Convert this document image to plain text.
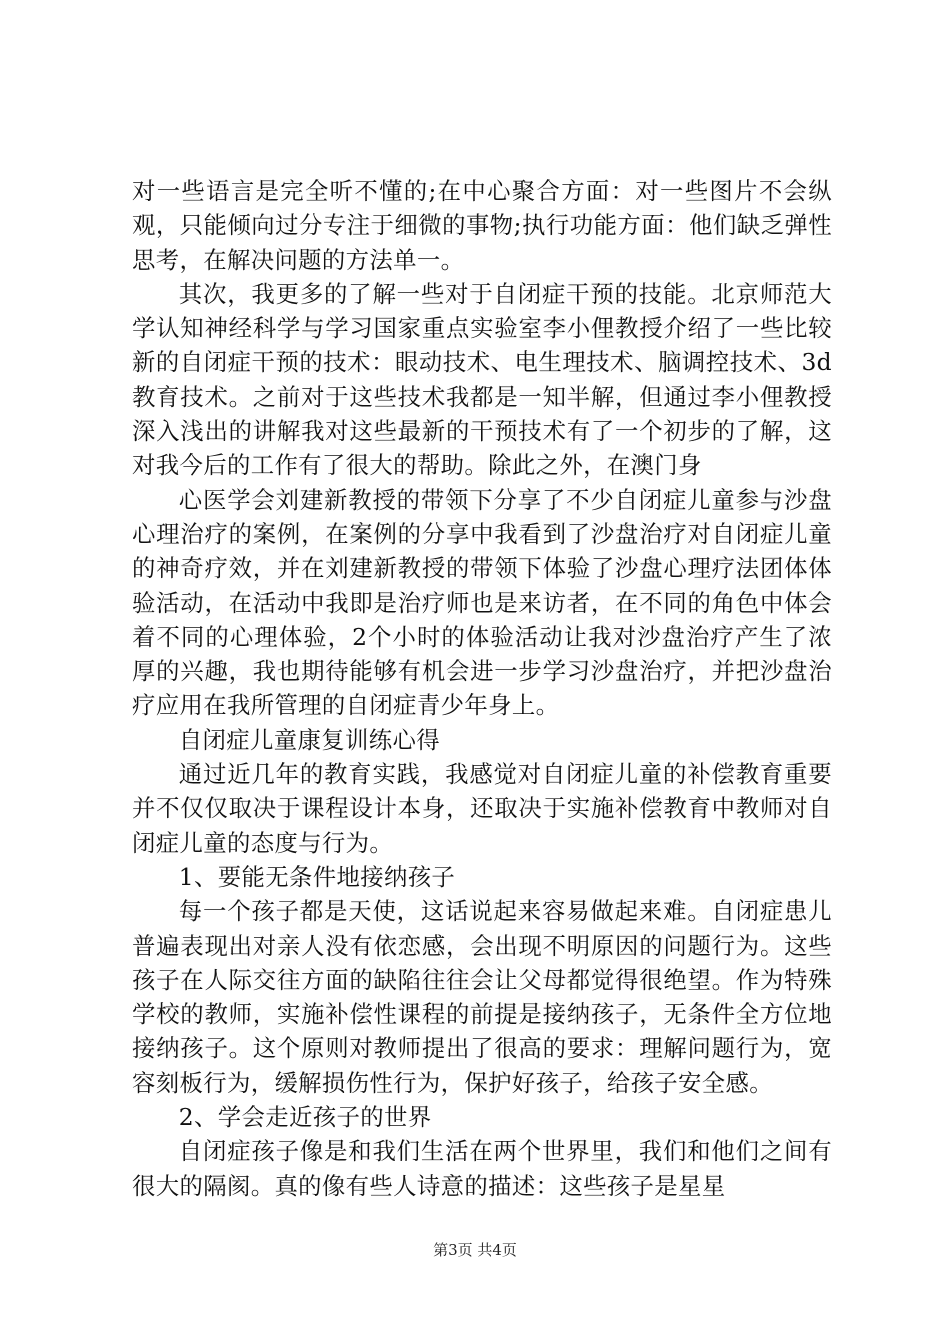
对一些语言是完全听不懂的;在中心聚合方面：对一些图片不会纵观，只能倾向过分专注于细微的事物;执行功能方面：他们缺乏弹性思考，在解决问题的方法单一。

其次，我更多的了解一些对于自闭症干预的技能。北京师范大学认知神经科学与学习国家重点实验室李小俚教授介绍了一些比较新的自闭症干预的技术：眼动技术、电生理技术、脑调控技术、3d教育技术。之前对于这些技术我都是一知半解，但通过李小俚教授深入浅出的讲解我对这些最新的干预技术有了一个初步的了解，这对我今后的工作有了很大的帮助。除此之外，在澳门身

心医学会刘建新教授的带领下分享了不少自闭症儿童参与沙盘心理治疗的案例，在案例的分享中我看到了沙盘治疗对自闭症儿童的神奇疗效，并在刘建新教授的带领下体验了沙盘心理疗法团体体验活动，在活动中我即是治疗师也是来访者，在不同的角色中体会着不同的心理体验，2个小时的体验活动让我对沙盘治疗产生了浓厚的兴趣，我也期待能够有机会进一步学习沙盘治疗，并把沙盘治疗应用在我所管理的自闭症青少年身上。

自闭症儿童康复训练心得

通过近几年的教育实践，我感觉对自闭症儿童的补偿教育重要并不仅仅取决于课程设计本身，还取决于实施补偿教育中教师对自闭症儿童的态度与行为。

1、要能无条件地接纳孩子

每一个孩子都是天使，这话说起来容易做起来难。自闭症患儿普遍表现出对亲人没有依恋感，会出现不明原因的问题行为。这些孩子在人际交往方面的缺陷往往会让父母都觉得很绝望。作为特殊学校的教师，实施补偿性课程的前提是接纳孩子，无条件全方位地接纳孩子。这个原则对教师提出了很高的要求：理解问题行为，宽容刻板行为，缓解损伤性行为，保护好孩子，给孩子安全感。

2、学会走近孩子的世界

自闭症孩子像是和我们生活在两个世界里，我们和他们之间有很大的隔阂。真的像有些人诗意的描述：这些孩子是星星

第3页 共4页
